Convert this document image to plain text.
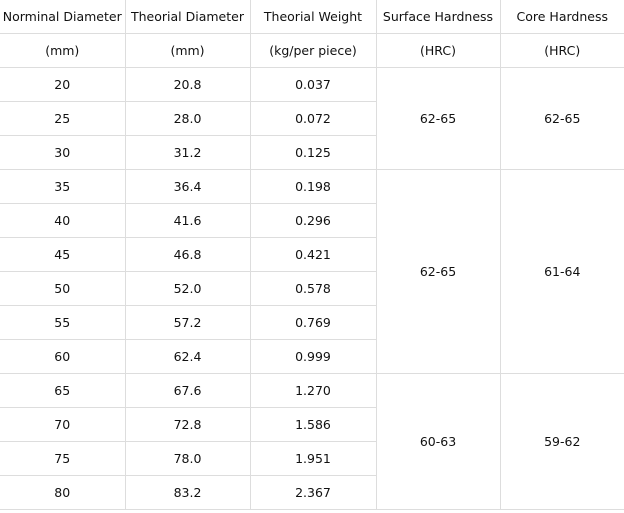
Norminal Diameter	Theorial Diameter	Theorial Weight	Surface Hardness	Core Hardness
(mm)	(mm)	(kg/per piece)	(HRC)	(HRC)
20	20.8	0.037	62-65	62-65
25	28.0	0.072		
30	31.2	0.125		
35	36.4	0.198	62-65	61-64
40	41.6	0.296		
45	46.8	0.421		
50	52.0	0.578		
55	57.2	0.769		
60	62.4	0.999		
65	67.6	1.270	60-63	59-62
70	72.8	1.586		
75	78.0	1.951		
80	83.2	2.367		
